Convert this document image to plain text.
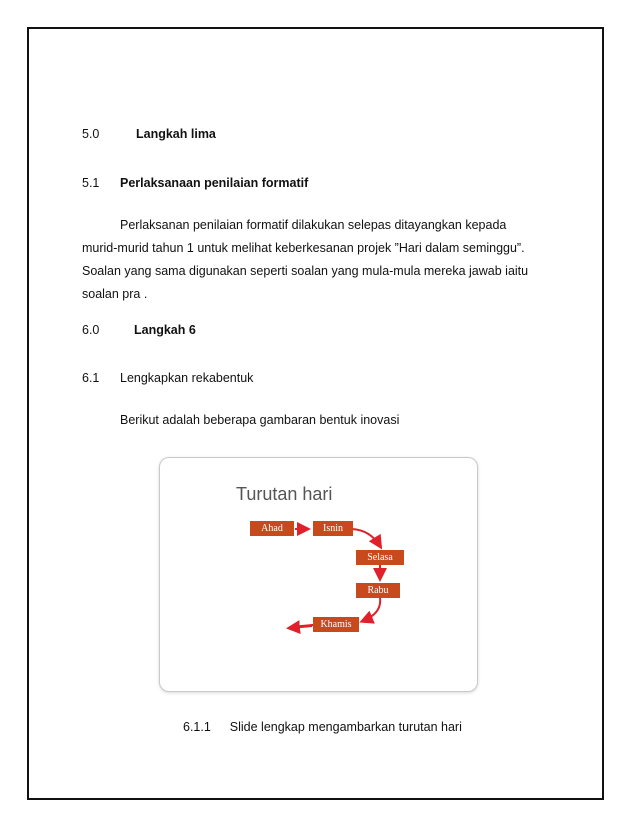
5.0	Langkah lima
5.1 Perlaksanaan penilaian formatif
Perlaksanan penilaian formatif dilakukan selepas ditayangkan kepada
murid-murid tahun 1 untuk melihat keberkesanan projek ”Hari dalam seminggu”.
Soalan yang sama digunakan seperti soalan yang mula-mula mereka jawab iaitu
soalan pra .
6.0	Langkah 6
6.1 Lengkapkan rekabentuk
Berikut adalah beberapa gambaran bentuk inovasi
Turutan hari
Ahad	Isnin
Selasa
Rabu
Khamis
6.1.1 Slide lengkap mengambarkan turutan hari
